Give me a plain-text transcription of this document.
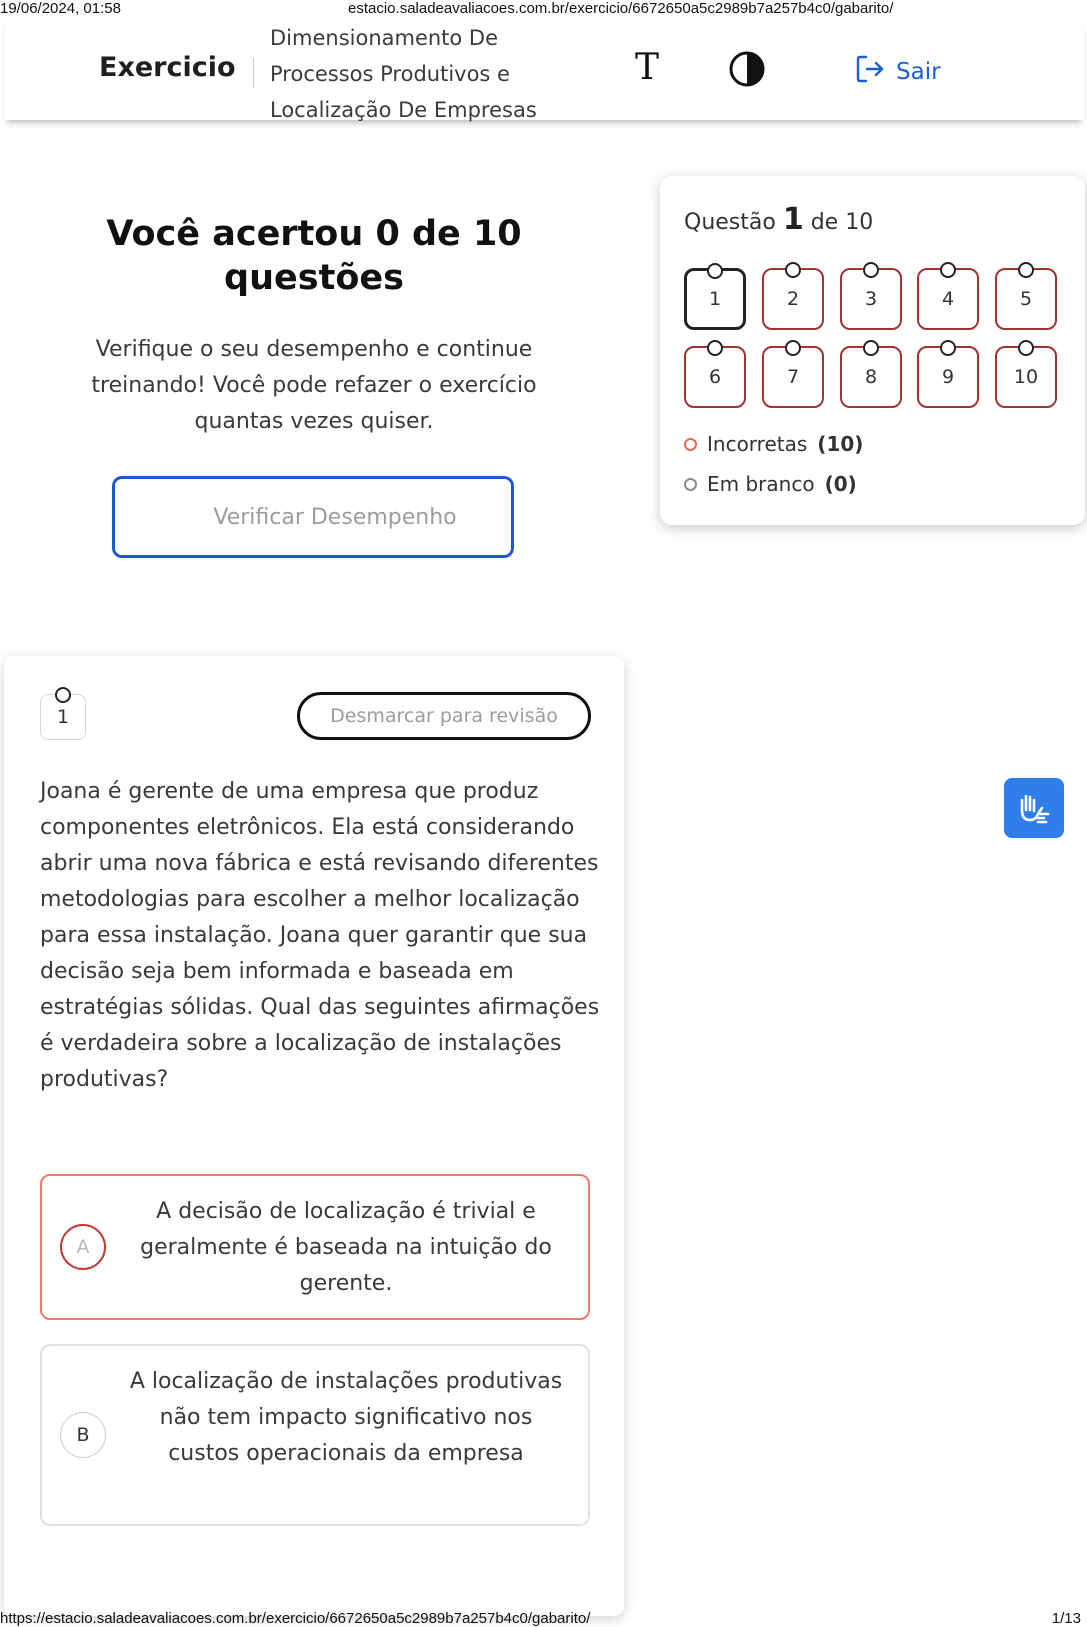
19/06/2024, 01:58	estacio.saladeavaliacoes.com.br/exercicio/6672650a5c2989b7a257b4c0/gabarito/
Exercicio
Dimensionamento De Processos Produtivos e Localização De Empresas
T	Sair
Você acertou 0 de 10 questões
Verifique o seu desempenho e continue treinando! Você pode refazer o exercício quantas vezes quiser.
Verificar Desempenho
Questão 1 de 10
1	2	3	4	5
6	7	8	9	10
Incorretas (10)
Em branco (0)
1	Desmarcar para revisão
Joana é gerente de uma empresa que produz componentes eletrônicos. Ela está considerando abrir uma nova fábrica e está revisando diferentes metodologias para escolher a melhor localização para essa instalação. Joana quer garantir que sua decisão seja bem informada e baseada em estratégias sólidas. Qual das seguintes afirmações é verdadeira sobre a localização de instalações produtivas?
A
A decisão de localização é trivial e geralmente é baseada na intuição do gerente.
B
A localização de instalações produtivas não tem impacto significativo nos custos operacionais da empresa
https://estacio.saladeavaliacoes.com.br/exercicio/6672650a5c2989b7a257b4c0/gabarito/	1/13
